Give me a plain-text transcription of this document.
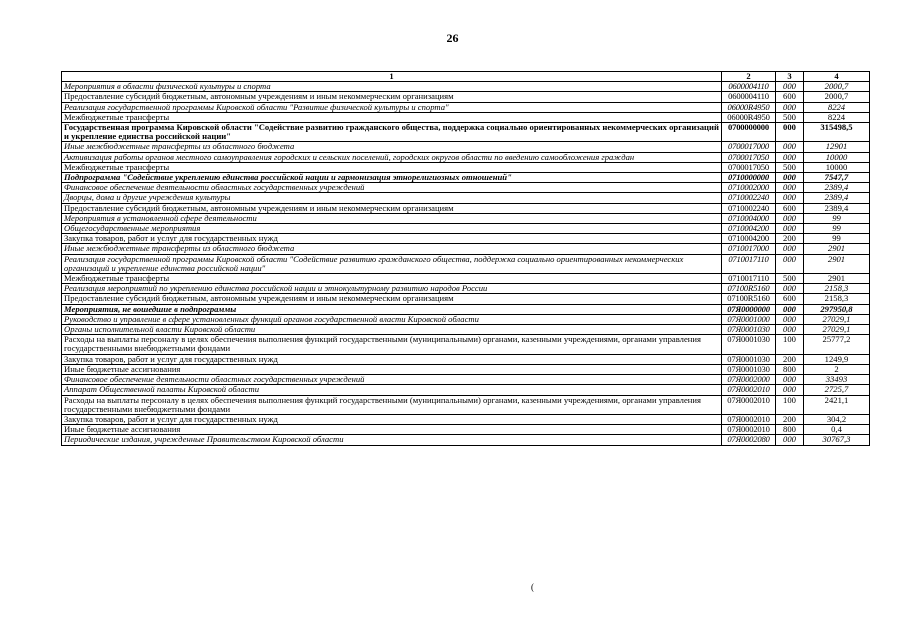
26
1	2	3	4
Мероприятия в области физической культуры и спорта	0600004110	000	2000,7
Предоставление субсидий бюджетным, автономным учреждениям и иным некоммерческим организациям	0600004110	600	2000,7
Реализация государственной программы Кировской области "Развитие физической культуры и спорта"	06000R4950	000	8224
Межбюджетные трансферты	06000R4950	500	8224
Государственная программа Кировской области "Содействие развитию гражданского общества, поддержка социально ориентированных некоммерческих организаций и укрепление единства российской нации"	0700000000	000	315498,5
Иные межбюджетные трансферты из областного бюджета	0700017000	000	12901
Активизация работы органов местного самоуправления городских и сельских поселений, городских округов области по введению самообложения граждан	0700017050	000	10000
Межбюджетные трансферты	0700017050	500	10000
Подпрограмма "Содействие укреплению единства российской нации и гармонизация этнорелигиозных отношений"	0710000000	000	7547,7
Финансовое обеспечение деятельности областных государственных учреждений	0710002000	000	2389,4
Дворцы, дома и другие учреждения культуры	0710002240	000	2389,4
Предоставление субсидий бюджетным, автономным учреждениям и иным некоммерческим организациям	0710002240	600	2389,4
Мероприятия в установленной сфере деятельности	0710004000	000	99
Общегосударственные мероприятия	0710004200	000	99
Закупка товаров, работ и услуг для государственных нужд	0710004200	200	99
Иные межбюджетные трансферты из областного бюджета	0710017000	000	2901
Реализация государственной программы Кировской области "Содействие развитию гражданского общества, поддержка социально ориентированных некоммерческих организаций и укрепление единства российской нации"	0710017110	000	2901
Межбюджетные трансферты	0710017110	500	2901
Реализация мероприятий по укреплению единства российской нации и этнокультурному развитию народов России	07100R5160	000	2158,3
Предоставление субсидий бюджетным, автономным учреждениям и иным некоммерческим организациям	07100R5160	600	2158,3
Мероприятия, не вошедшие в подпрограммы	07Я0000000	000	297950,8
Руководство и управление в сфере установленных функций органов государственной власти Кировской области	07Я0001000	000	27029,1
Органы исполнительной власти Кировской области	07Я0001030	000	27029,1
Расходы на выплаты персоналу в целях обеспечения выполнения функций государственными (муниципальными) органами, казенными учреждениями, органами управления государственными внебюджетными фондами	07Я0001030	100	25777,2
Закупка товаров, работ и услуг для государственных нужд	07Я0001030	200	1249,9
Иные бюджетные ассигнования	07Я0001030	800	2
Финансовое обеспечение деятельности областных государственных учреждений	07Я0002000	000	33493
Аппарат Общественной палаты Кировской области	07Я0002010	000	2725,7
Расходы на выплаты персоналу в целях обеспечения выполнения функций государственными (муниципальными) органами, казенными учреждениями, органами управления государственными внебюджетными фондами	07Я0002010	100	2421,1
Закупка товаров, работ и услуг для государственных нужд	07Я0002010	200	304,2
Иные бюджетные ассигнования	07Я0002010	800	0,4
Периодические издания, учрежденные Правительством Кировской области	07Я0002080	000	30767,3
(
